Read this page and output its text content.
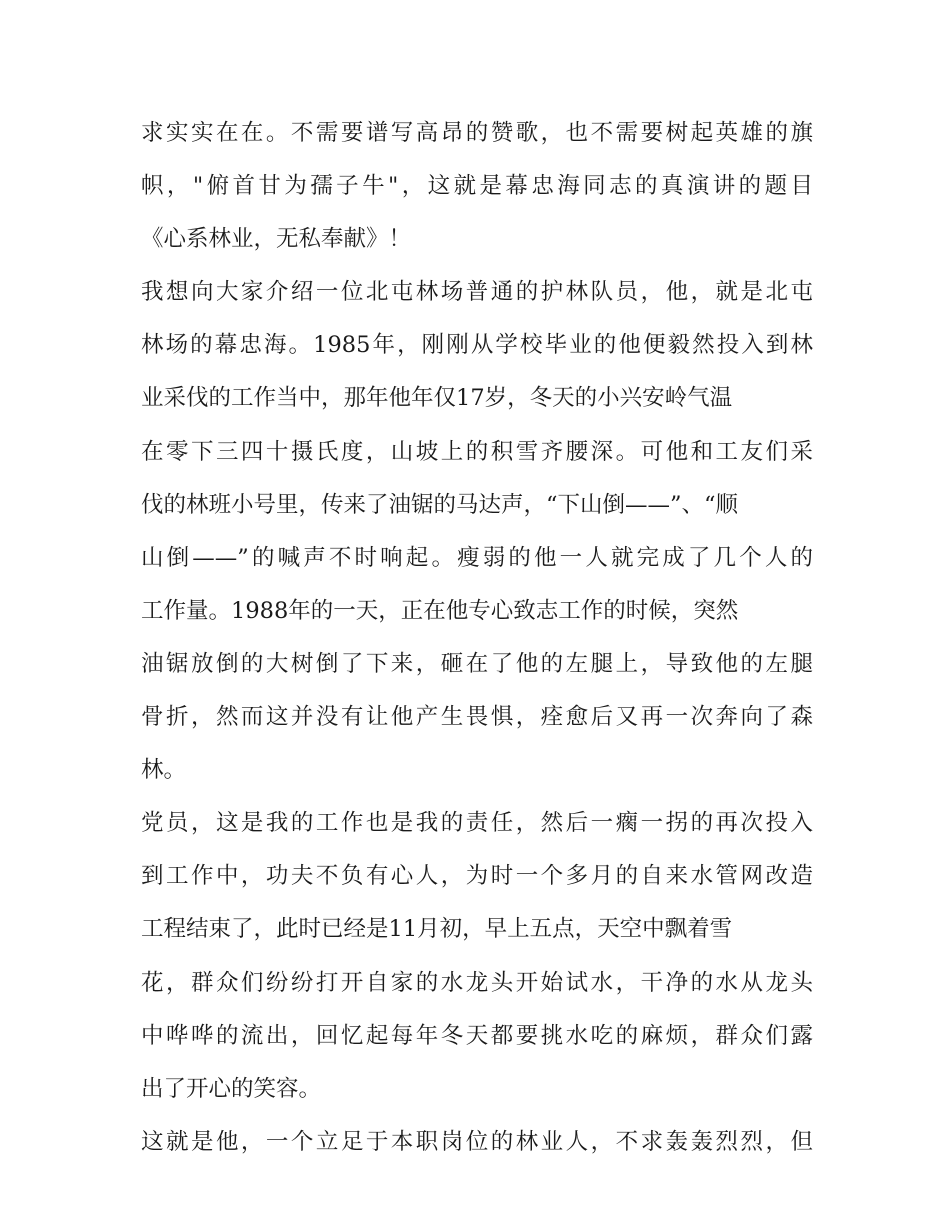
求实实在在。不需要谱写高昂的赞歌，也不需要树起英雄的旗
帜，"俯首甘为孺子牛"，这就是幕忠海同志的真演讲的题目
《心系林业，无私奉献》！
我想向大家介绍一位北屯林场普通的护林队员，他，就是北屯
林场的幕忠海。1985年，刚刚从学校毕业的他便毅然投入到林
业采伐的工作当中，那年他年仅17岁，冬天的小兴安岭气温
在零下三四十摄氏度，山坡上的积雪齐腰深。可他和工友们采
伐的林班小号里，传来了油锯的马达声，“下山倒——”、“顺
山倒——”的喊声不时响起。瘦弱的他一人就完成了几个人的
工作量。1988年的一天，正在他专心致志工作的时候，突然
油锯放倒的大树倒了下来，砸在了他的左腿上，导致他的左腿
骨折，然而这并没有让他产生畏惧，痊愈后又再一次奔向了森
林。
党员，这是我的工作也是我的责任，然后一瘸一拐的再次投入
到工作中，功夫不负有心人，为时一个多月的自来水管网改造
工程结束了，此时已经是11月初，早上五点，天空中飘着雪
花，群众们纷纷打开自家的水龙头开始试水，干净的水从龙头
中哗哗的流出，回忆起每年冬天都要挑水吃的麻烦，群众们露
出了开心的笑容。
这就是他，一个立足于本职岗位的林业人，不求轰轰烈烈，但
